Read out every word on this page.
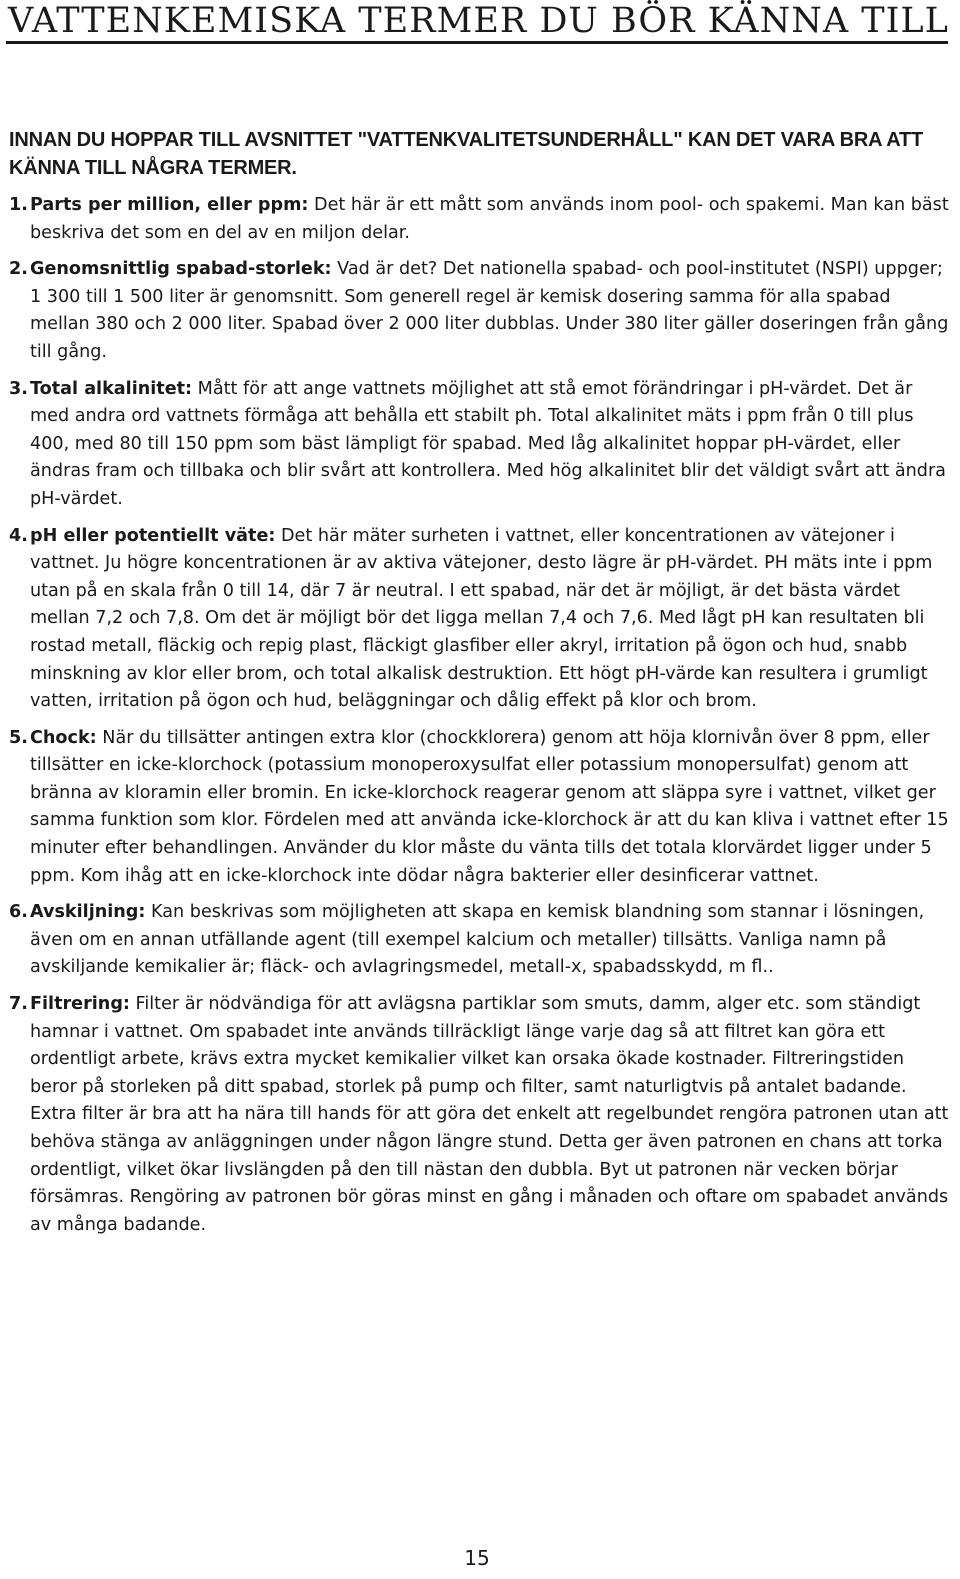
VATTENKEMISKA TERMER DU BÖR KÄNNA TILL

INNAN DU HOPPAR TILL AVSNITTET "VATTENKVALITETSUNDERHÅLL" KAN DET VARA BRA ATT KÄNNA TILL NÅGRA TERMER.

1. Parts per million, eller ppm: Det här är ett mått som används inom pool- och spakemi. Man kan bäst beskriva det som en del av en miljon delar.
2. Genomsnittlig spabad-storlek: Vad är det? Det nationella spabad- och pool-institutet (NSPI) uppger; 1 300 till 1 500 liter är genomsnitt. Som generell regel är kemisk dosering samma för alla spabad mellan 380 och 2 000 liter. Spabad över 2 000 liter dubblas. Under 380 liter gäller doseringen från gång till gång.
3. Total alkalinitet: Mått för att ange vattnets möjlighet att stå emot förändringar i pH-värdet. Det är med andra ord vattnets förmåga att behålla ett stabilt ph. Total alkalinitet mäts i ppm från 0 till plus 400, med 80 till 150 ppm som bäst lämpligt för spabad. Med låg alkalinitet hoppar pH-värdet, eller ändras fram och tillbaka och blir svårt att kontrollera. Med hög alkalinitet blir det väldigt svårt att ändra pH-värdet.
4. pH eller potentiellt väte: Det här mäter surheten i vattnet, eller koncentrationen av vätejoner i vattnet. Ju högre koncentrationen är av aktiva vätejoner, desto lägre är pH-värdet. PH mäts inte i ppm utan på en skala från 0 till 14, där 7 är neutral. I ett spabad, när det är möjligt, är det bästa värdet mellan 7,2 och 7,8. Om det är möjligt bör det ligga mellan 7,4 och 7,6. Med lågt pH kan resultaten bli rostad metall, fläckig och repig plast, fläckigt glasfiber eller akryl, irritation på ögon och hud, snabb minskning av klor eller brom, och total alkalisk destruktion. Ett högt pH-värde kan resultera i grumligt vatten, irritation på ögon och hud, beläggningar och dålig effekt på klor och brom.
5. Chock: När du tillsätter antingen extra klor (chockklorera) genom att höja klornivån över 8 ppm, eller tillsätter en icke-klorchock (potassium monoperoxysulfat eller potassium monopersulfat) genom att bränna av kloramin eller bromin. En icke-klorchock reagerar genom att släppa syre i vattnet, vilket ger samma funktion som klor. Fördelen med att använda icke-klorchock är att du kan kliva i vattnet efter 15 minuter efter behandlingen. Använder du klor måste du vänta tills det totala klorvärdet ligger under 5 ppm. Kom ihåg att en icke-klorchock inte dödar några bakterier eller desinficerar vattnet.
6. Avskiljning: Kan beskrivas som möjligheten att skapa en kemisk blandning som stannar i lösningen, även om en annan utfällande agent (till exempel kalcium och metaller) tillsätts. Vanliga namn på avskiljande kemikalier är; fläck- och avlagringsmedel, metall-x, spabadsskydd, m fl..
7. Filtrering: Filter är nödvändiga för att avlägsna partiklar som smuts, damm, alger etc. som ständigt hamnar i vattnet. Om spabadet inte används tillräckligt länge varje dag så att filtret kan göra ett ordentligt arbete, krävs extra mycket kemikalier vilket kan orsaka ökade kostnader. Filtreringstiden beror på storleken på ditt spabad, storlek på pump och filter, samt naturligtvis på antalet badande. Extra filter är bra att ha nära till hands för att göra det enkelt att regelbundet rengöra patronen utan att behöva stänga av anläggningen under någon längre stund. Detta ger även patronen en chans att torka ordentligt, vilket ökar livslängden på den till nästan den dubbla. Byt ut patronen när vecken börjar försämras. Rengöring av patronen bör göras minst en gång i månaden och oftare om spabadet används av många badande.
15
